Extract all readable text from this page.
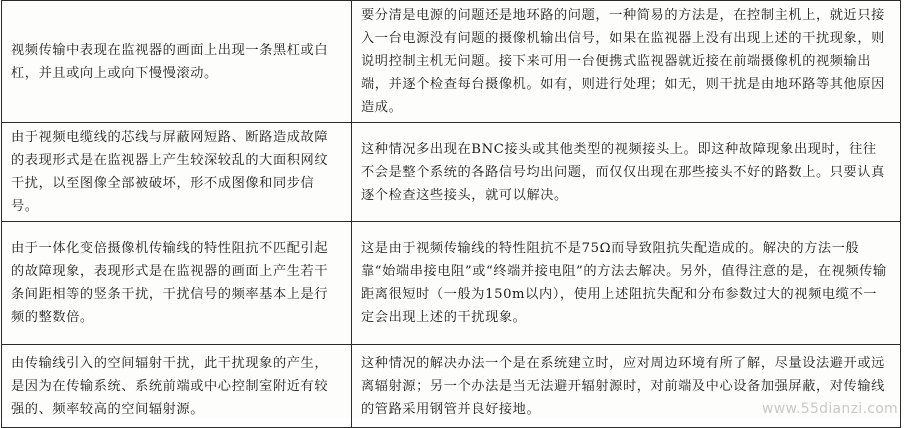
视频传输中表现在监视器的画面上出现一条黑杠或白杠，并且或向上或向下慢慢滚动。	要分清是电源的问题还是地环路的问题，一种简易的方法是，在控制主机上，就近只接入一台电源没有问题的摄像机输出信号，如果在监视器上没有出现上述的干扰现象，则说明控制主机无问题。接下来可用一台便携式监视器就近接在前端摄像机的视频输出端，并逐个检查每台摄像机。如有，则进行处理；如无，则干扰是由地环路等其他原因造成。
由于视频电缆线的芯线与屏蔽网短路、断路造成故障的表现形式是在监视器上产生较深较乱的大面积网纹干扰，以至图像全部被破坏，形不成图像和同步信号。	这种情况多出现在BNC接头或其他类型的视频接头上。即这种故障现象出现时，往往不会是整个系统的各路信号均出问题，而仅仅出现在那些接头不好的路数上。只要认真逐个检查这些接头，就可以解决。
由于一体化变倍摄像机传输线的特性阻抗不匹配引起的故障现象，表现形式是在监视器的画面上产生若干条间距相等的竖条干扰，干扰信号的频率基本上是行频的整数倍。	这是由于视频传输线的特性阻抗不是75Ω而导致阻抗失配造成的。解决的方法一般靠“始端串接电阻”或“终端并接电阻”的方法去解决。另外，值得注意的是，在视频传输距离很短时（一般为150m以内），使用上述阻抗失配和分布参数过大的视频电缆不一定会出现上述的干扰现象。
由传输线引入的空间辐射干扰，此干扰现象的产生，是因为在传输系统、系统前端或中心控制室附近有较强的、频率较高的空间辐射源。	这种情况的解决办法一个是在系统建立时，应对周边环境有所了解，尽量设法避开或远离辐射源；另一个办法是当无法避开辐射源时，对前端及中心设备加强屏蔽，对传输线的管路采用钢管并良好接地。	www.55dianzi.com
